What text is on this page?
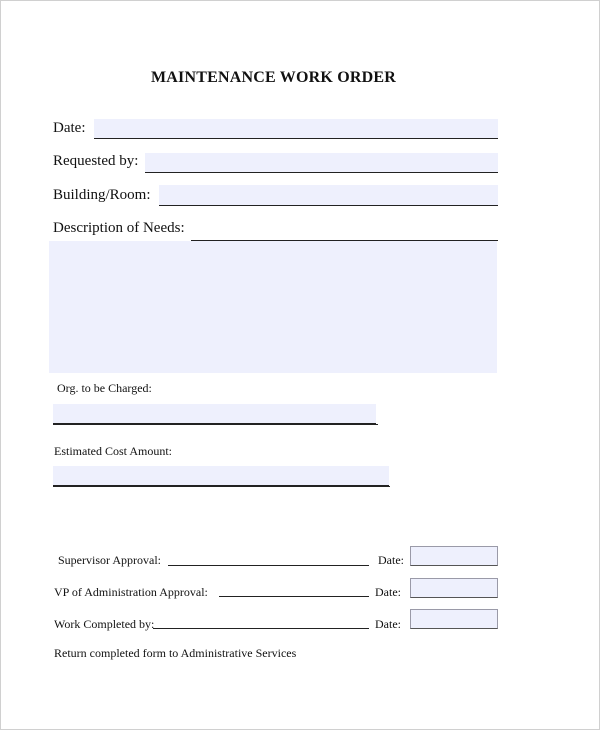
MAINTENANCE WORK ORDER
Date:
Requested by:
Building/Room:
Description of Needs:
Org. to be Charged:
Estimated Cost Amount:
Supervisor Approval:	Date:
VP of Administration Approval:	Date:
Work Completed by:	Date:
Return completed form to Administrative Services
